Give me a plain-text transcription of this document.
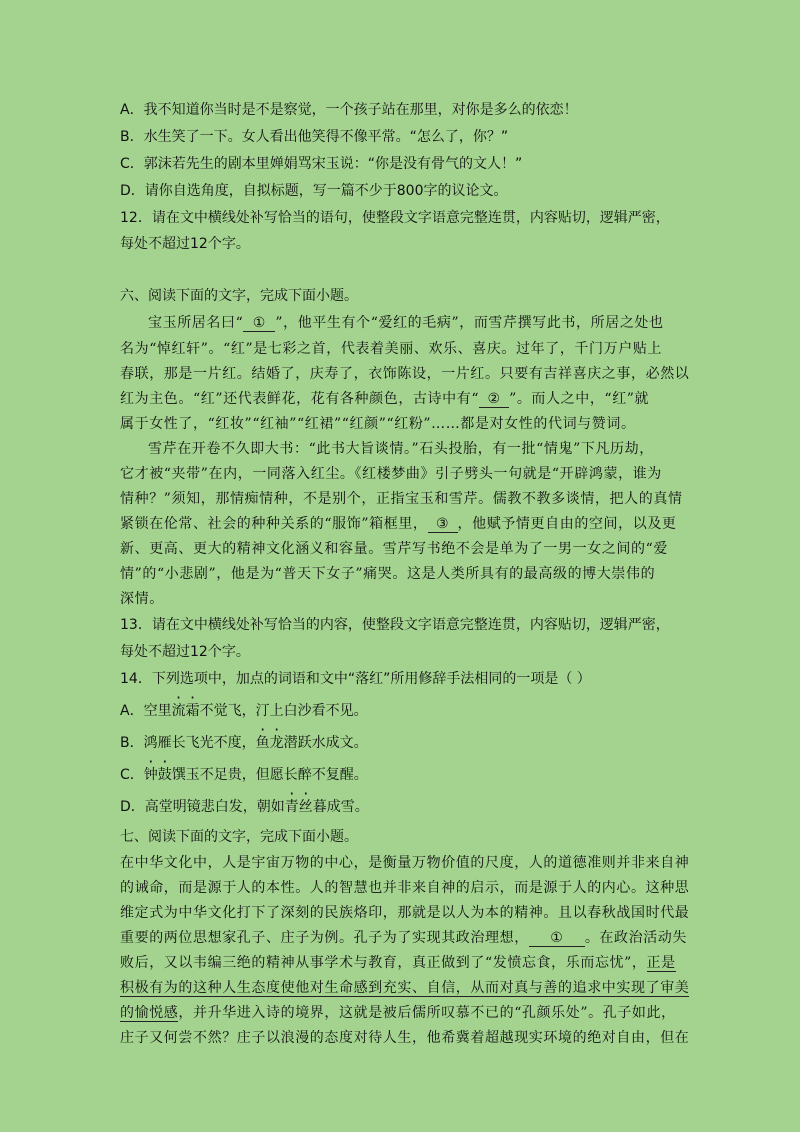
A．我不知道你当时是不是察觉，一个孩子站在那里，对你是多么的依恋！
B．水生笑了一下。女人看出他笑得不像平常。“怎么了，你？”
C．郭沫若先生的剧本里婵娟骂宋玉说：“你是没有骨气的文人！”
D．请你自选角度，自拟标题，写一篇不少于800字的议论文。
12．请在文中横线处补写恰当的语句，使整段文字语意完整连贯，内容贴切，逻辑严密，
每处不超过12个字。
六、阅读下面的文字，完成下面小题。
宝玉所居名曰“ ① ”，他平生有个“爱红的毛病”，而雪芹撰写此书，所居之处也
名为“悼红轩”。“红”是七彩之首，代表着美丽、欢乐、喜庆。过年了，千门万户贴上
春联，那是一片红。结婚了，庆寿了，衣饰陈设，一片红。只要有吉祥喜庆之事，必然以
红为主色。“红”还代表鲜花，花有各种颜色，古诗中有“ ② ”。而人之中，“红”就
属于女性了，“红妆”“红袖”“红裙”“红颜”“红粉”……都是对女性的代词与赞词。
雪芹在开卷不久即大书：“此书大旨谈情。”石头投胎，有一批“情鬼”下凡历劫，
它才被“夹带”在内，一同落入红尘。《红楼梦曲》引子劈头一句就是“开辟鸿蒙，谁为
情种？”须知，那情痴情种，不是别个，正指宝玉和雪芹。儒教不教多谈情，把人的真情
紧锁在伦常、社会的种种关系的“服饰”箱框里， ③ ，他赋予情更自由的空间，以及更
新、更高、更大的精神文化涵义和容量。雪芹写书绝不会是单为了一男一女之间的“爱
情”的“小悲剧”，他是为“普天下女子”痛哭。这是人类所具有的最高级的博大崇伟的
深情。
13．请在文中横线处补写恰当的内容，使整段文字语意完整连贯，内容贴切，逻辑严密，
每处不超过12个字。
14．下列选项中，加点的词语和文中“落红”所用修辞手法相同的一项是（ ）
A．空里流霜不觉飞，汀上白沙看不见。
B．鸿雁长飞光不度，鱼龙潜跃水成文。
C．钟鼓馔玉不足贵，但愿长醉不复醒。
D．高堂明镜悲白发，朝如青丝暮成雪。
七、阅读下面的文字，完成下面小题。
在中华文化中，人是宇宙万物的中心，是衡量万物价值的尺度，人的道德准则并非来自神
的诫命，而是源于人的本性。人的智慧也并非来自神的启示，而是源于人的内心。这种思
维定式为中华文化打下了深刻的民族烙印，那就是以人为本的精神。且以春秋战国时代最
重要的两位思想家孔子、庄子为例。孔子为了实现其政治理想， ① 。在政治活动失
败后，又以韦编三绝的精神从事学术与教育，真正做到了“发愤忘食，乐而忘忧”，正是
积极有为的这种人生态度使他对生命感到充实、自信，从而对真与善的追求中实现了审美
的愉悦感，并升华进入诗的境界，这就是被后儒所叹慕不已的“孔颜乐处”。孔子如此，
庄子又何尝不然？庄子以浪漫的态度对待人生，他希冀着超越现实环境的绝对自由，但在
